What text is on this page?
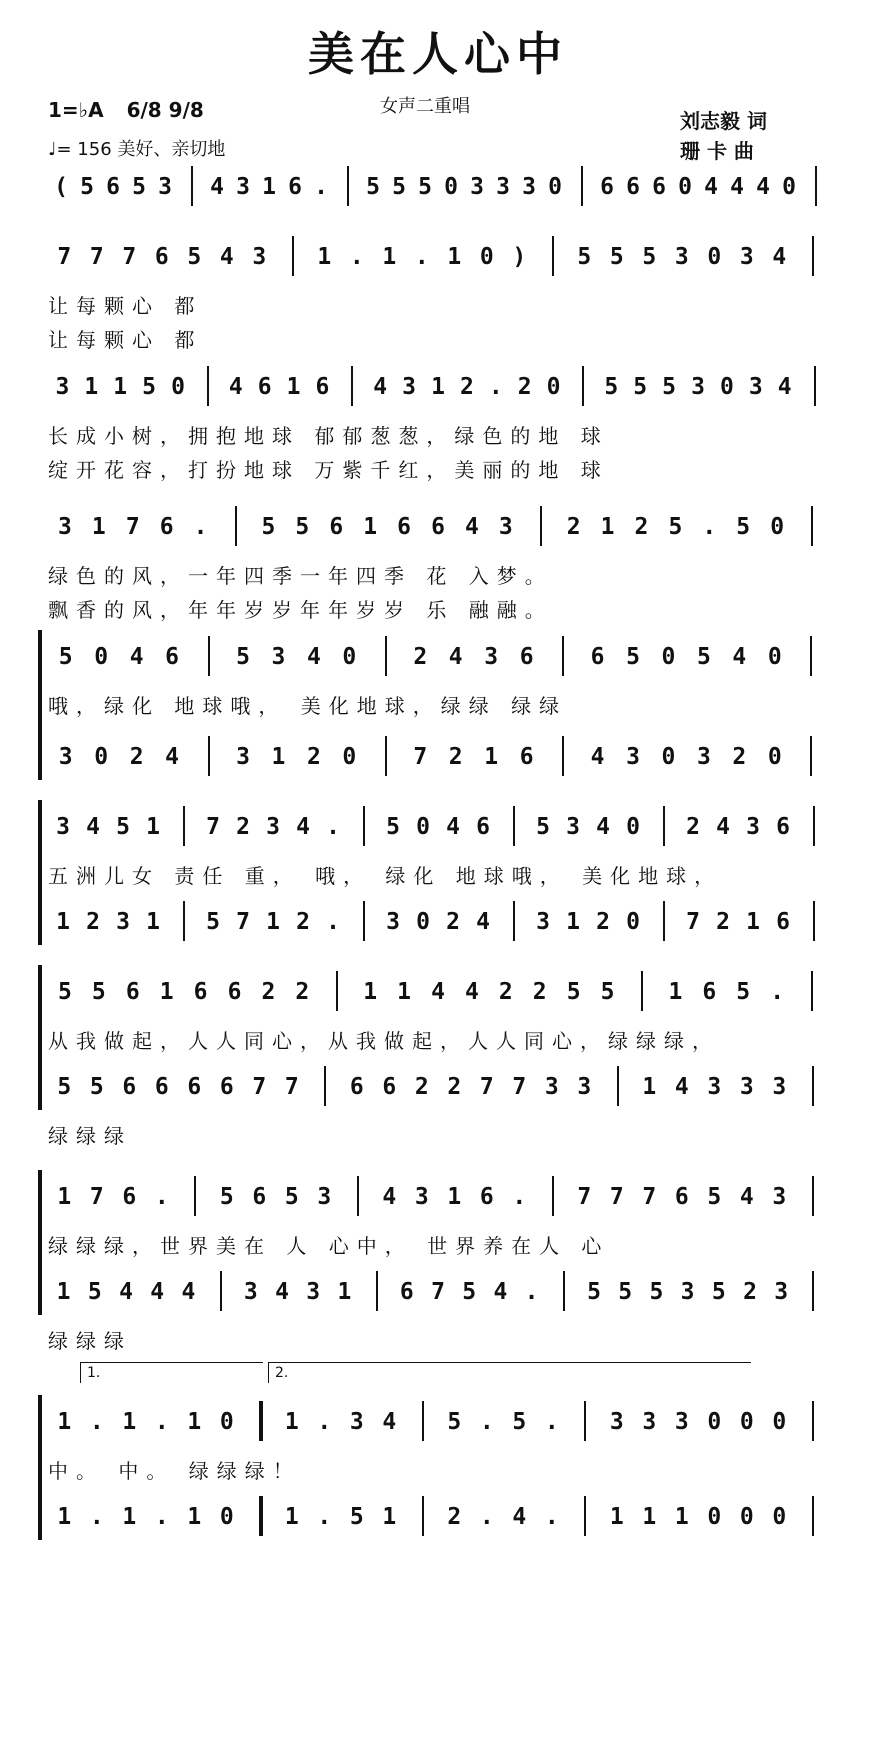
美在人心中
1=♭A 6/8 9/8
♩= 156 美好、亲切地
女声二重唱
刘志毅 词
珊 卡 曲
( 5 6 5 3 4 3 1 6 . 5 5 5 0 3 3 3 0 6 6 6 0 4 4 4 0
7 7 7 6 5 4 3 1 . 1 . 1 0 ) 5 5 5 3 0 3 4
让每颗心 都
让每颗心 都
3 1 1 5 0 4 6 1 6 4 3 1 2 . 2 0 5 5 5 3 0 3 4
长成小树，拥抱地球 郁郁葱葱，绿色的地 球
绽开花容，打扮地球 万紫千红，美丽的地 球
3 1 7 6 . 5 5 6 1 6 6 4 3 2 1 2 5 . 5 0
绿色的风，一年四季一年四季 花 入梦。
飘香的风，年年岁岁年年岁岁 乐 融融。
5 0 4 6 5 3 4 0 2 4 3 6 6 5 0 5 4 0
哦，绿化 地球哦， 美化地球，绿绿 绿绿
3 0 2 4 3 1 2 0 7 2 1 6 4 3 0 3 2 0
3 4 5 1 7 2 3 4 . 5 0 4 6 5 3 4 0 2 4 3 6
五洲儿女 责任 重， 哦， 绿化 地球哦， 美化地球，
1 2 3 1 5 7 1 2 . 3 0 2 4 3 1 2 0 7 2 1 6
5 5 6 1 6 6 2 2 1 1 4 4 2 2 5 5 1 6 5 .
从我做起，人人同心，从我做起，人人同心，绿绿绿，
5 5 6 6 6 6 7 7 6 6 2 2 7 7 3 3 1 4 3 3 3
绿绿绿
1 7 6 . 5 6 5 3 4 3 1 6 . 7 7 7 6 5 4 3
绿绿绿，世界美在 人 心中， 世界养在人 心
1 5 4 4 4 3 4 3 1 6 7 5 4 . 5 5 5 3 5 2 3
绿绿绿
1 . 1 . 1 0 1 . 3 4 5 . 5 . 3 3 3 0 0 0
中。 中。 绿绿绿！
1 . 1 . 1 0 1 . 5 1 2 . 4 . 1 1 1 0 0 0
1.	2.
